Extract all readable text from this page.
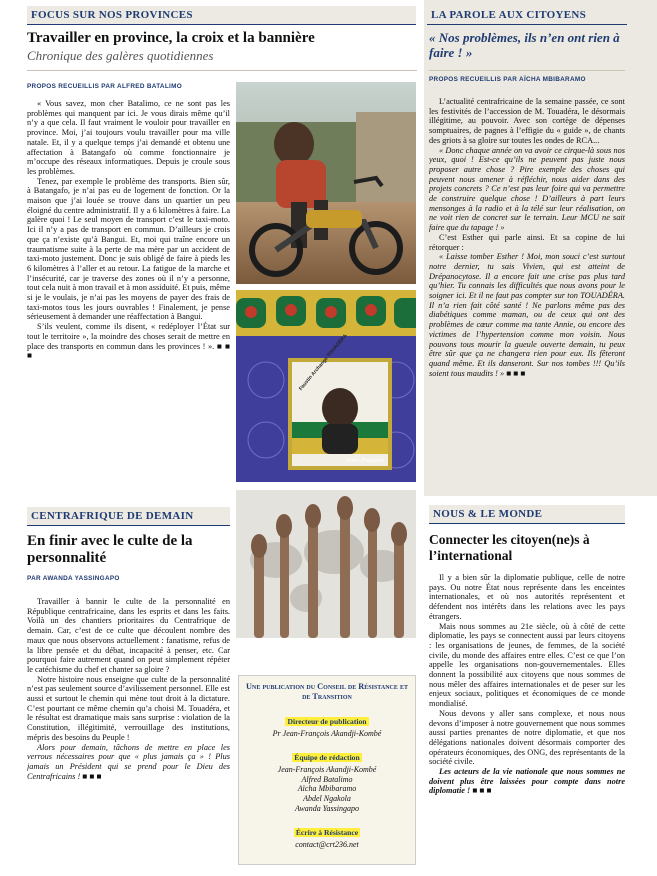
FOCUS SUR NOS PROVINCES
Travailler en province, la croix et la bannière
Chronique des galères quotidiennes
PROPOS RECUEILLIS PAR ALFRED BATALIMO

« Vous savez, mon cher Batalimo, ce ne sont pas les problèmes qui manquent par ici. Je vous dirais même qu’il n’y a que cela. Il faut vraiment le vouloir pour travailler en province. Moi, j’ai toujours voulu travailler pour ma ville natale. Et, il y a quelque temps j’ai demandé et obtenu une affectation à Batangafo où comme fonctionnaire je m’occupe des réseaux informatiques. Depuis je croule sous les problèmes.

Tenez, par exemple le problème des transports. Bien sûr, à Batangafo, je n’ai pas eu de logement de fonction. Or la maison que j’ai louée se trouve dans un quartier un peu éloigné du centre administratif. Il y a 6 kilomètres à faire. La galère quoi ! Le seul moyen de transport c’est le taxi-moto. Ici il n’y a pas de transport en commun. D’ailleurs je crois que ça n’existe qu’à Bangui. Et, moi qui traîne encore un traumatisme suite à la perte de ma mère par un accident de taxi-moto justement. Donc je suis obligé de faire à pieds les 6 kilomètres à l’aller et au retour. La fatigue de la marche et l’insécurité, car je traverse des zones où il n’y a personne, tout cela nuit à mon travail et à mon assiduité. Et puis, même si je le voulais, je n’ai pas les moyens de payer des frais de taxi-motos tous les jours ouvrables ! Finalement, je pense sérieusement à demander une réaffectation à Bangui.

S’ils veulent, comme ils disent, « redéployer l’État sur tout le territoire », la moindre des choses serait de mettre en place des transports en commun dans les provinces ! ». ■ ■ ■

Notre Président
CENTRAFRIQUE DE DEMAIN
En finir avec le culte de la personnalité
PAR AWANDA YASSINGAPO

Travailler à bannir le culte de la personnalité en République centrafricaine, dans les esprits et dans les faits. Voilà un des chantiers prioritaires du Centrafrique de demain. Car, c’est de ce culte que découlent nombre des maux que nous observons actuellement : fanatisme, refus de la libre pensée et du débat, incapacité à penser, etc. Car pourquoi faire autrement quand on peut simplement répéter le catéchisme du chef et chanter sa gloire ?

Notre histoire nous enseigne que culte de la personnalité n’est pas seulement source d’avilissement personnel. Elle est aussi et surtout le chemin qui mène tout droit à la dictature. C’est pourtant ce même chemin qu’a choisi M. Touadéra, et le résultat est dramatique mais sans surprise : violation de la Constitution, illégitimité, verrouillage des institutions, mépris des besoins du Peuple !

Alors pour demain, tâchons de mettre en place les verrous nécessaires pour que « plus jamais ça » ! Plus jamais un Président qui se prend pour le Dieu des Centrafricains ! ■ ■ ■

Une publication du Conseil de Résistance et de Transition
Directeur de publication
Pr Jean-François Akandji-Kombé
Équipe de rédaction
Jean-François Akandji-Kombé
Alfred Batalimo
Aïcha Mbibaramo
Abdel Ngakola
Awanda Yassingapo
Écrire à Résistance
contact@crt236.net
LA PAROLE AUX CITOYENS
« Nos problèmes, ils n’en ont rien à faire ! »
PROPOS RECUEILLIS PAR AÏCHA MBIBARAMO

L’actualité centrafricaine de la semaine passée, ce sont les festivités de l’accession de M. Touadéra, le désormais illégitime, au pouvoir. Avec son cortège de dépenses somptuaires, de pagnes à l’effigie du « guide », de chants des griots à sa gloire sur toutes les ondes de RCA...

« Donc chaque année on va avoir ce cirque-là sous nos yeux, quoi ! Est-ce qu’ils ne peuvent pas juste nous proposer autre chose ? Pire exemple des choses qui peuvent nous amener à réfléchir, nous aider dans des projets concrets ? Ce n’est pas leur foire qui va permettre de construire quelque chose ! D’ailleurs à part leurs mensonges à la radio et à la télé sur leur réalisation, on ne voit rien de concret sur le terrain. Leur MCU ne sait faire que du tapage ! »

C’est Esther qui parle ainsi. Et sa copine de lui rétorquer :

« Laisse tomber Esther ! Moi, mon souci c’est surtout notre dernier, tu sais Vivien, qui est atteint de Drépanocytose. Il a encore fait une crise pas plus tard qu’hier. Tu connais les difficultés que nous avons pour le soigner ici. Et il ne faut pas compter sur ton TOUADÉRA. Il n’a rien fait côté santé ! Ne parlons même pas des diabétiques comme maman, ou de ceux qui ont des problèmes de cœur comme ma tante Annie, ou encore des victimes de l’hypertension comme mon voisin. Nous pouvons tous mourir la gueule ouverte demain, tu peux être sûr que ça ne changera rien pour eux. Ils fêteront quand même. Et ils danseront. Sur nos tombes !!! Qu’ils soient tous maudits ! » ■ ■ ■

NOUS & LE MONDE
Connecter les citoyen(ne)s à l’international

Il y a bien sûr la diplomatie publique, celle de notre pays. Ou notre État nous représente dans les enceintes internationales, et où nos autorités représentent et défendent nos intérêts dans les relations avec les pays étrangers.

Mais nous sommes au 21e siècle, où à côté de cette diplomatie, les pays se connectent aussi par leurs citoyens : les organisations de jeunes, de femmes, de la société civile, du monde des affaires entre elles. C’est ce que l’on appelle les organisations non-gouvernementales. Elles donnent la possibilité aux citoyens que nous sommes de nous mêler des affaires internationales et de peser sur les enjeux sociaux, politiques et économiques de ce monde mondialisé.

Nous devons y aller sans complexe, et nous nous devons d’imposer à notre gouvernement que nous sommes aussi parties prenantes de notre diplomatie, et que nos délégations nationales doivent désormais comporter des opérateurs économiques, des ONG, des représentants de la société civile.

Les acteurs de la vie nationale que nous sommes ne doivent plus être laissées pour compte dans notre diplomatie ! ■ ■ ■
